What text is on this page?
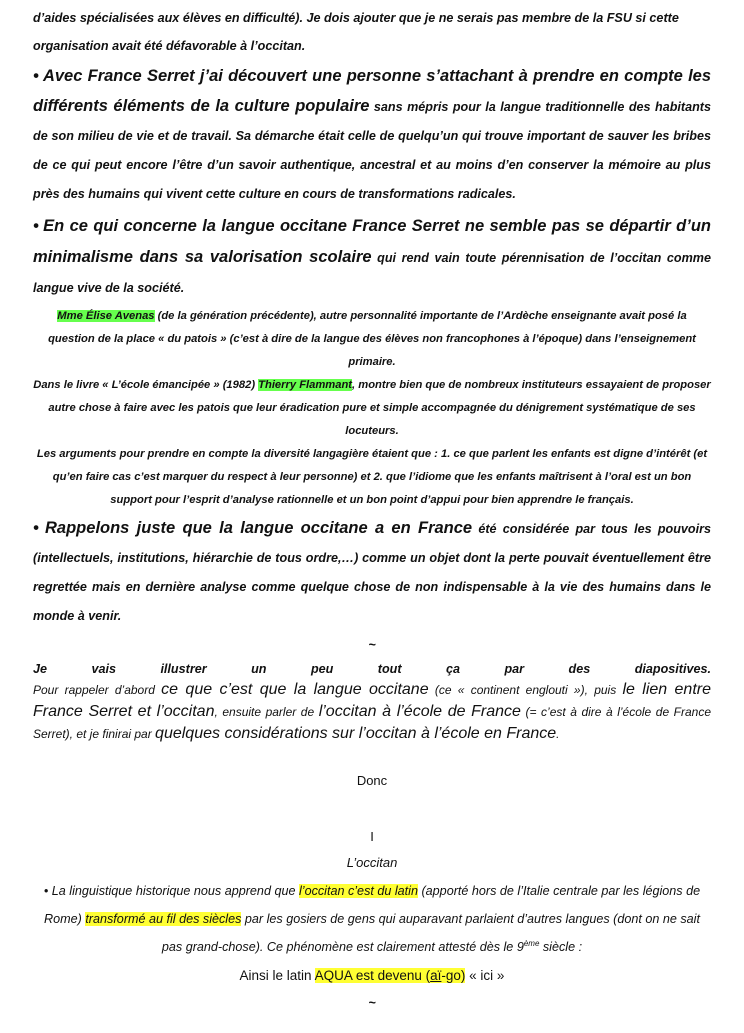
d’aides spécialisées aux élèves en difficulté). Je dois ajouter que je ne serais pas membre de la FSU si cette
organisation avait été défavorable à l’occitan.
• Avec France Serret j’ai découvert une personne s’attachant à prendre en compte les différents éléments de la culture populaire sans mépris pour la langue traditionnelle des habitants de son milieu de vie et de travail. Sa démarche était celle de quelqu’un qui trouve important de sauver les bribes de ce qui peut encore l’être d’un savoir authentique, ancestral et au moins d’en conserver la mémoire au plus près des humains qui vivent cette culture en cours de transformations radicales.
• En ce qui concerne la langue occitane France Serret ne semble pas se départir d’un minimalisme dans sa valorisation scolaire qui rend vain toute pérennisation de l’occitan comme langue vive de la société.
Mme Élise Avenas (de la génération précédente), autre personnalité importante de l’Ardèche enseignante avait posé la question de la place « du patois » (c’est à dire de la langue des élèves non francophones à l’époque) dans l’enseignement primaire.
Dans le livre « L’école émancipée » (1982) Thierry Flammant, montre bien que de nombreux instituteurs essayaient de proposer autre chose à faire avec les patois que leur éradication pure et simple accompagnée du dénigrement systématique de ses locuteurs.
Les arguments pour prendre en compte la diversité langagière étaient que : 1. ce que parlent les enfants est digne d’intérêt (et qu’en faire cas c’est marquer du respect à leur personne) et 2. que l’idiome que les enfants maîtrisent à l’oral est un bon support pour l’esprit d’analyse rationnelle et un bon point d’appui pour bien apprendre le français.
• Rappelons juste que la langue occitane a en France été considérée par tous les pouvoirs (intellectuels, institutions, hiérarchie de tous ordre,…) comme un objet dont la perte pouvait éventuellement être regrettée mais en dernière analyse comme quelque chose de non indispensable à la vie des humains dans le monde à venir.
~
Je	vais	illustrer	un	peu	tout	ça	par	des	diapositives.
Pour rappeler d’abord ce que c’est que la langue occitane (ce « continent englouti »), puis le lien entre France Serret et l’occitan, ensuite parler de l’occitan à l’école de France (= c’est à dire à l’école de France Serret), et je finirai par quelques considérations sur l’occitan à l’école en France.
Donc
I
L’occitan
• La linguistique historique nous apprend que l’occitan c’est du latin (apporté hors de l’Italie centrale par les légions de Rome) transformé au fil des siècles par les gosiers de gens qui auparavant parlaient d’autres langues (dont on ne sait pas grand-chose). Ce phénomène est clairement attesté dès le 9ème siècle :
Ainsi le latin AQUA est devenu (aï-go) « ici »
~
